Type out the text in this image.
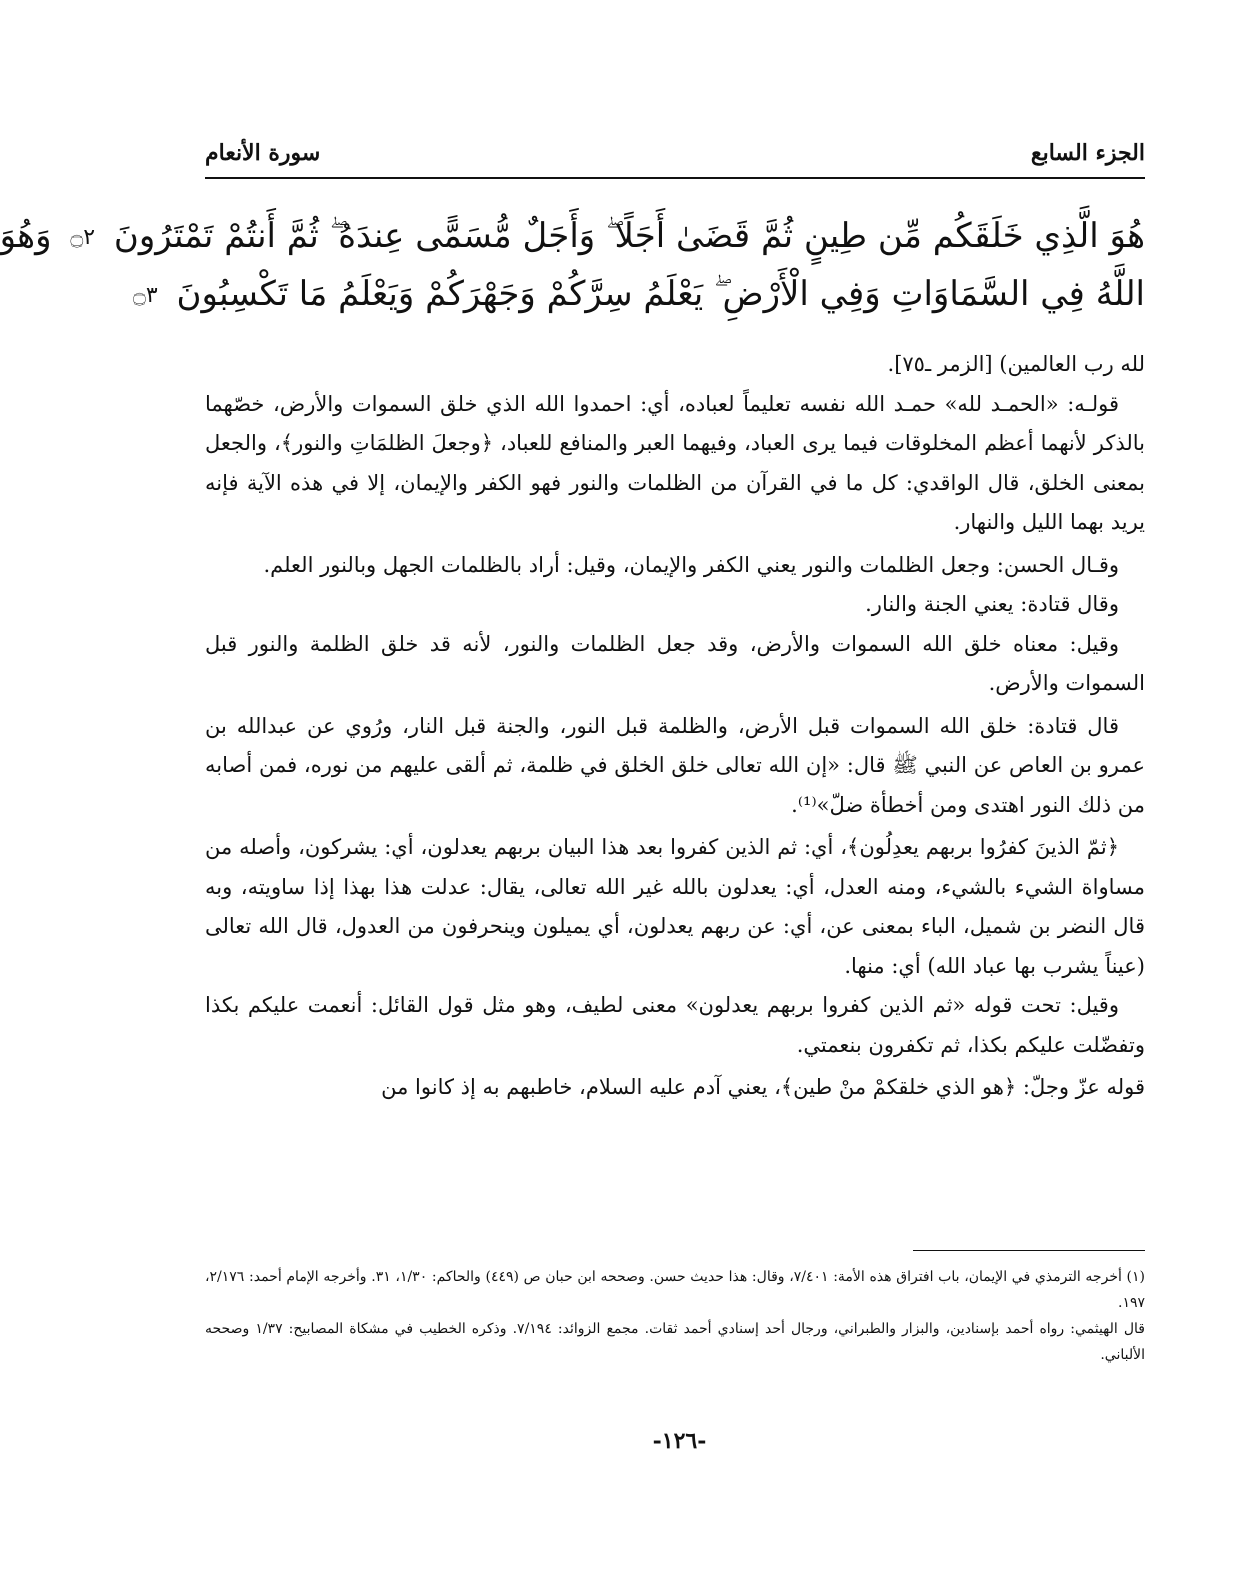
الجزء السابع
سورة الأنعام
هُوَ الَّذِي خَلَقَكُم مِّن طِينٍ ثُمَّ قَضَىٰ أَجَلًا ۖ وَأَجَلٌ مُّسَمًّى عِندَهُ ۖ ثُمَّ أَنتُمْ تَمْتَرُونَ ۝٢ وَهُوَ
اللَّهُ فِي السَّمَاوَاتِ وَفِي الْأَرْضِ ۖ يَعْلَمُ سِرَّكُمْ وَجَهْرَكُمْ وَيَعْلَمُ مَا تَكْسِبُونَ ۝٣

لله رب العالمين) [الزمر ـ٧٥].

قولـه: «الحمـد لله» حمـد الله نفسه تعليماً لعباده، أي: احمدوا الله الذي خلق السموات والأرض، خصّهما بالذكر لأنهما أعظم المخلوقات فيما يرى العباد، وفيهما العبر والمنافع للعباد، ﴿وجعلَ الظلمَاتِ والنور﴾، والجعل بمعنى الخلق، قال الواقدي: كل ما في القرآن من الظلمات والنور فهو الكفر والإيمان، إلا في هذه الآية فإنه يريد بهما الليل والنهار.

وقـال الحسن: وجعل الظلمات والنور يعني الكفر والإيمان، وقيل: أراد بالظلمات الجهل وبالنور العلم.

وقال قتادة: يعني الجنة والنار.

وقيل: معناه خلق الله السموات والأرض، وقد جعل الظلمات والنور، لأنه قد خلق الظلمة والنور قبل السموات والأرض.

قال قتادة: خلق الله السموات قبل الأرض، والظلمة قبل النور، والجنة قبل النار، ورُوي عن عبدالله بن عمرو بن العاص عن النبي ﷺ قال: «إن الله تعالى خلق الخلق في ظلمة، ثم ألقى عليهم من نوره، فمن أصابه من ذلك النور اهتدى ومن أخطأة ضلّ»⁽¹⁾.

﴿ثمّ الذينَ كفرُوا بربهم يعدِلُون﴾، أي: ثم الذين كفروا بعد هذا البيان بربهم يعدلون، أي: يشركون، وأصله من مساواة الشيء بالشيء، ومنه العدل، أي: يعدلون بالله غير الله تعالى، يقال: عدلت هذا بهذا إذا ساويته، وبه قال النضر بن شميل، الباء بمعنى عن، أي: عن ربهم يعدلون، أي يميلون وينحرفون من العدول، قال الله تعالى (عيناً يشرب بها عباد الله) أي: منها.

وقيل: تحت قوله «ثم الذين كفروا بربهم يعدلون» معنى لطيف، وهو مثل قول القائل: أنعمت عليكم بكذا وتفضّلت عليكم بكذا، ثم تكفرون بنعمتي.

قوله عزّ وجلّ: ﴿هو الذي خلقكمْ منْ طين﴾، يعني آدم عليه السلام، خاطبهم به إذ كانوا من

(١) أخرجه الترمذي في الإيمان، باب افتراق هذه الأمة: ٧/٤٠١، وقال: هذا حديث حسن. وصححه ابن حبان ص (٤٤٩) والحاكم: ١/٣٠، ٣١. وأخرجه الإمام أحمد: ٢/١٧٦، ١٩٧.

قال الهيثمي: رواه أحمد بإسنادين، والبزار والطبراني، ورجال أحد إسنادي أحمد ثقات. مجمع الزوائد: ٧/١٩٤. وذكره الخطيب في مشكاة المصابيح: ١/٣٧ وصححه الألباني.

-١٢٦-
